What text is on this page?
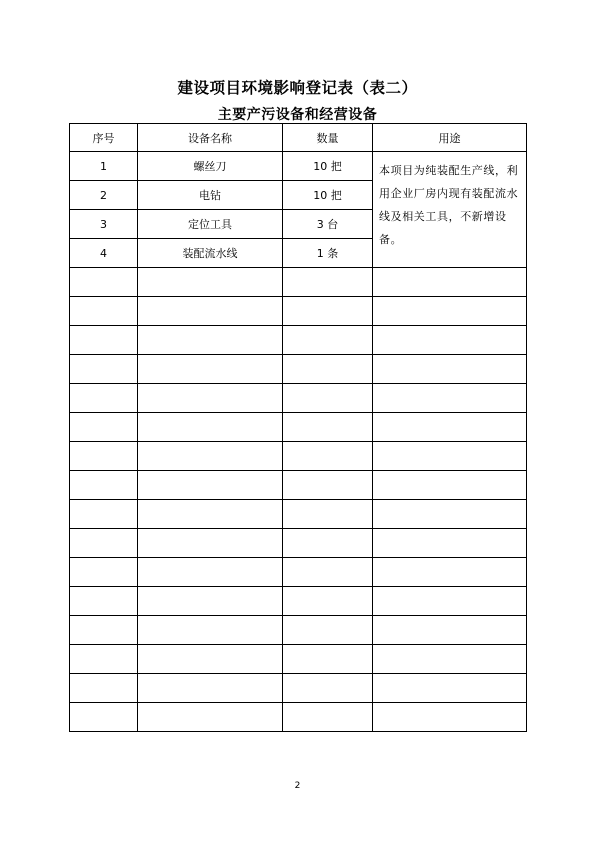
建设项目环境影响登记表（表二）
主要产污设备和经营设备
序号	设备名称	数量	用途
1	螺丝刀	10 把	本项目为纯装配生产线，利用企业厂房内现有装配流水线及相关工具，不新增设备。
2	电钻	10 把	
3	定位工具	3 台	
4	装配流水线	1 条	

2
